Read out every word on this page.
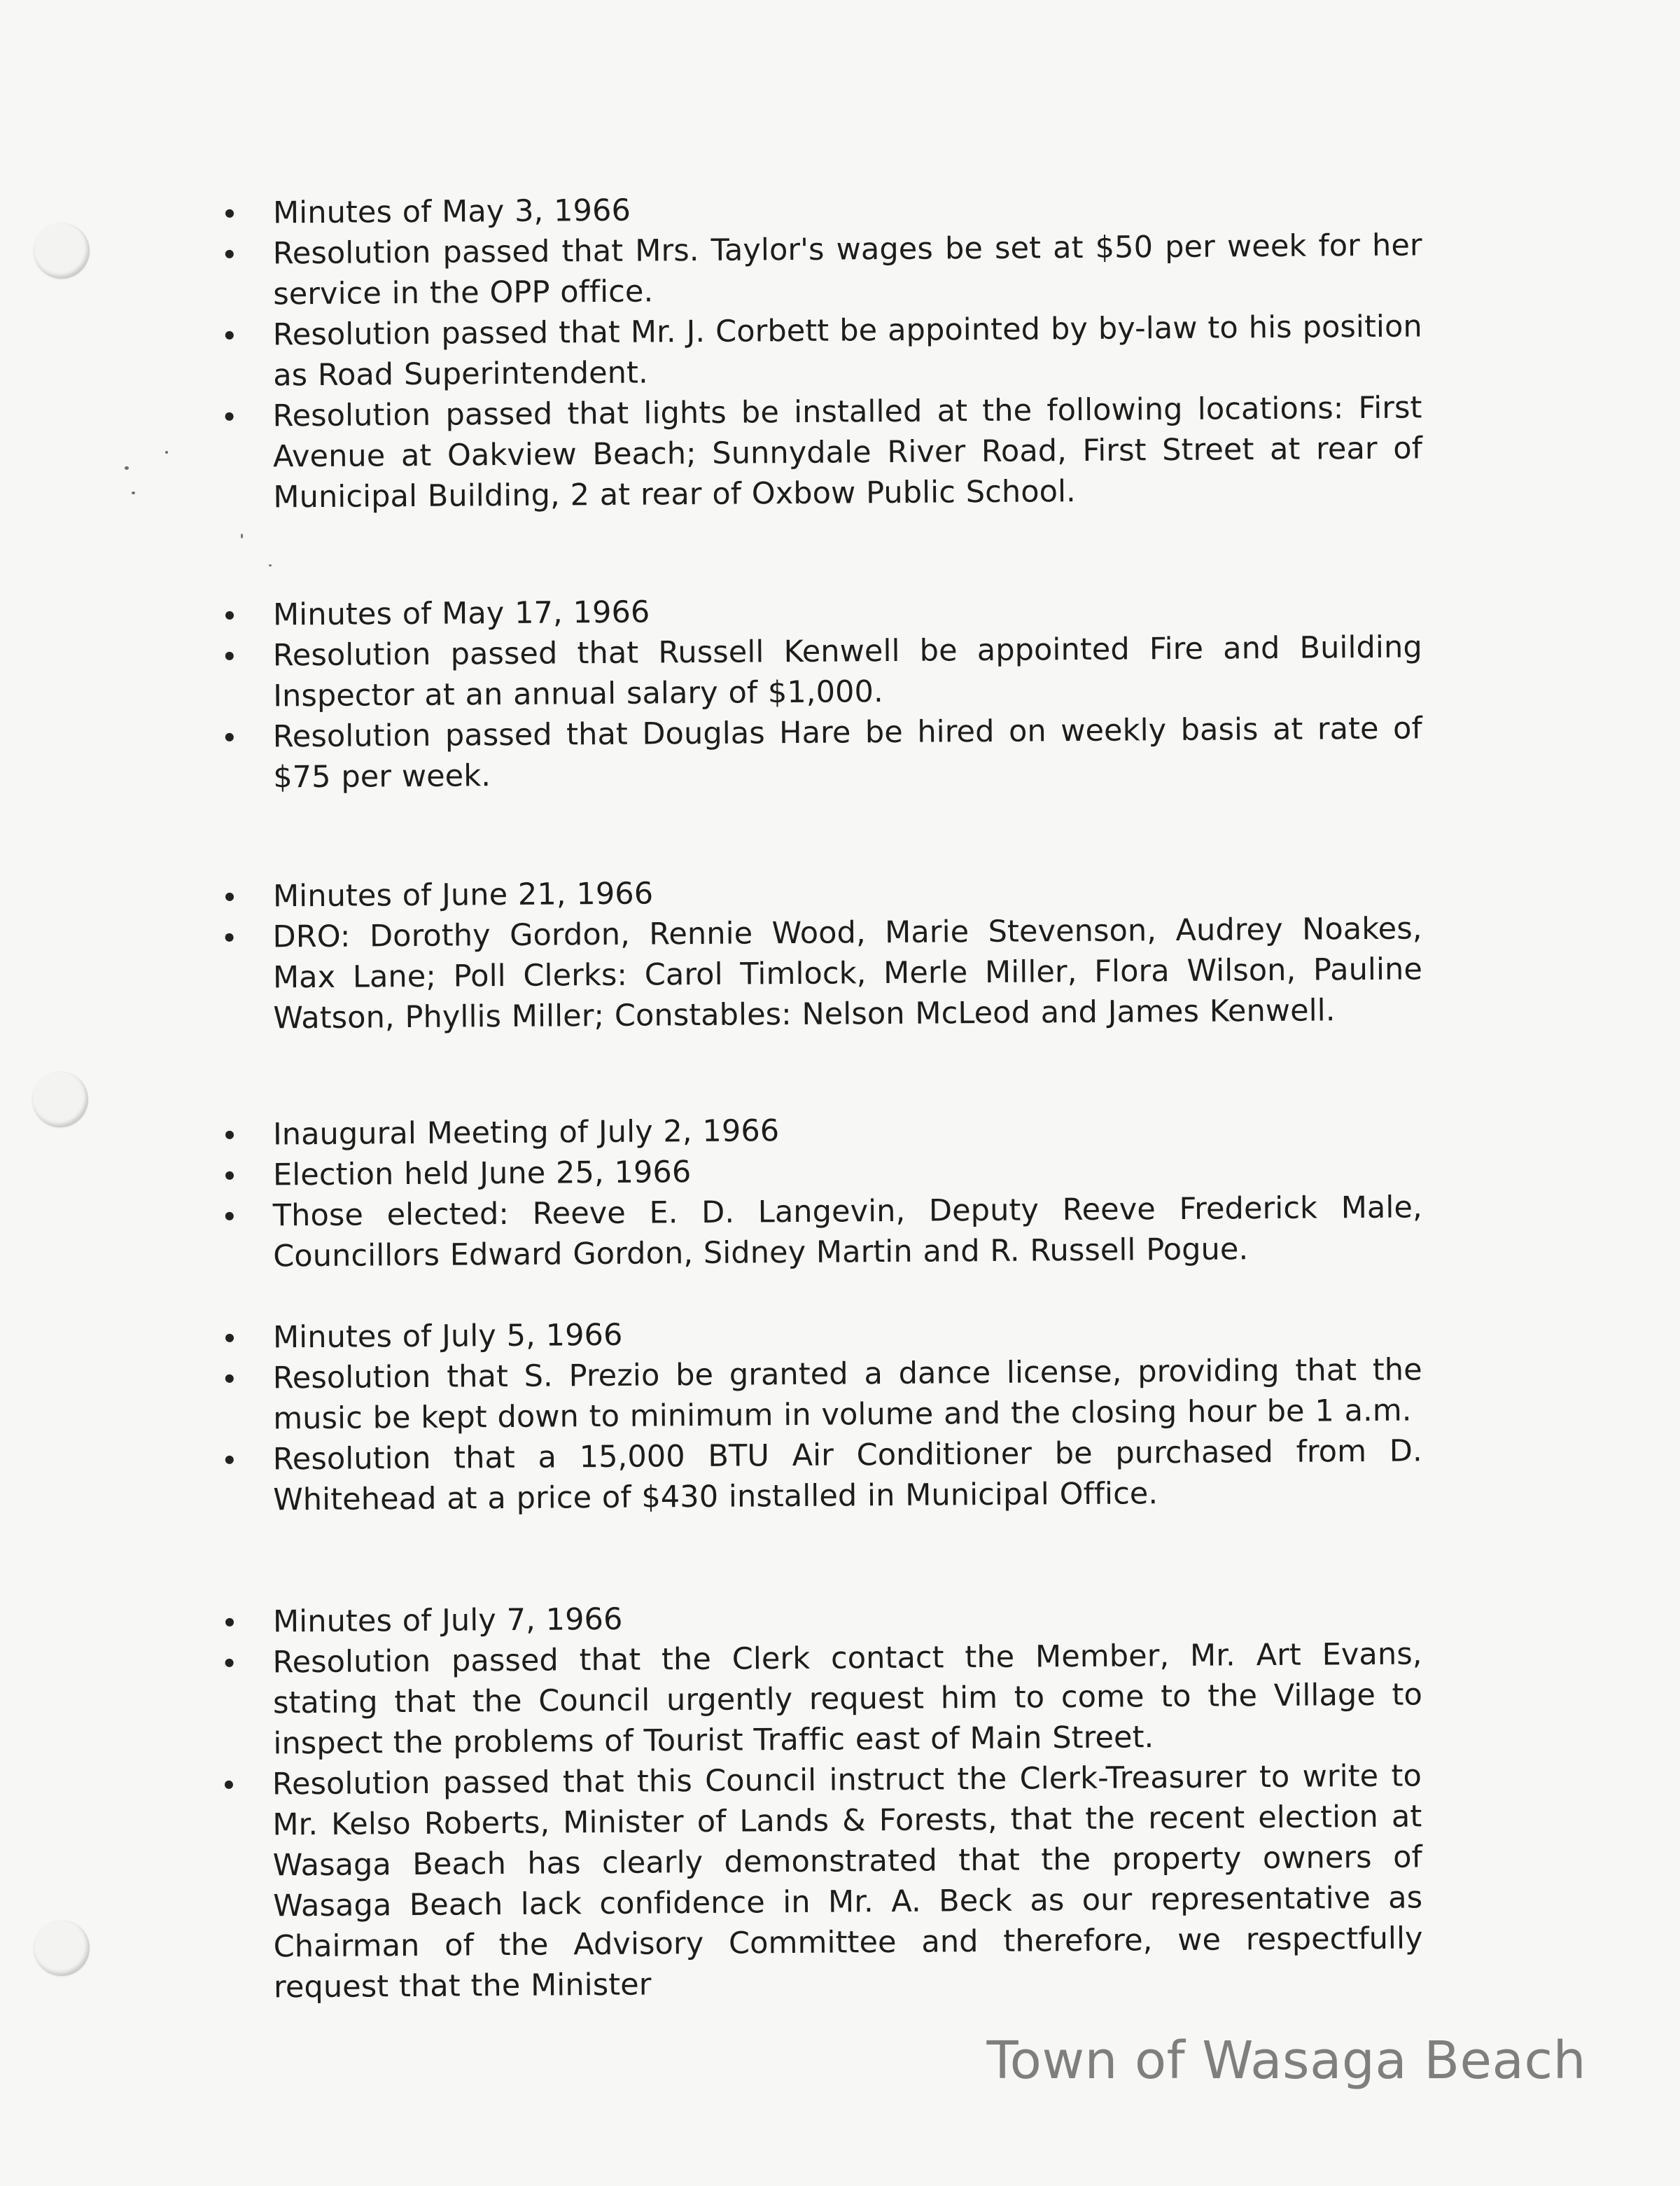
Minutes of May 3, 1966
Resolution passed that Mrs. Taylor's wages be set at $50 per week for her service in the OPP office.
Resolution passed that Mr. J. Corbett be appointed by by-law to his position as Road Superintendent.
Resolution passed that lights be installed at the following locations: First Avenue at Oakview Beach; Sunnydale River Road, First Street at rear of Municipal Building, 2 at rear of Oxbow Public School.
Minutes of May 17, 1966
Resolution passed that Russell Kenwell be appointed Fire and Building Inspector at an annual salary of $1,000.
Resolution passed that Douglas Hare be hired on weekly basis at rate of $75 per week.
Minutes of June 21, 1966
DRO: Dorothy Gordon, Rennie Wood, Marie Stevenson, Audrey Noakes, Max Lane; Poll Clerks: Carol Timlock, Merle Miller, Flora Wilson, Pauline Watson, Phyllis Miller; Constables: Nelson McLeod and James Kenwell.
Inaugural Meeting of July 2, 1966
Election held June 25, 1966
Those elected: Reeve E. D. Langevin, Deputy Reeve Frederick Male, Councillors Edward Gordon, Sidney Martin and R. Russell Pogue.
Minutes of July 5, 1966
Resolution that S. Prezio be granted a dance license, providing that the music be kept down to minimum in volume and the closing hour be 1 a.m.
Resolution that a 15,000 BTU Air Conditioner be purchased from D. Whitehead at a price of $430 installed in Municipal Office.
Minutes of July 7, 1966
Resolution passed that the Clerk contact the Member, Mr. Art Evans, stating that the Council urgently request him to come to the Village to inspect the problems of Tourist Traffic east of Main Street.
Resolution passed that this Council instruct the Clerk-Treasurer to write to Mr. Kelso Roberts, Minister of Lands & Forests, that the recent election at Wasaga Beach has clearly demonstrated that the property owners of Wasaga Beach lack confidence in Mr. A. Beck as our representative as Chairman of the Advisory Committee and therefore, we respectfully request that the Minister
Town of Wasaga Beach
